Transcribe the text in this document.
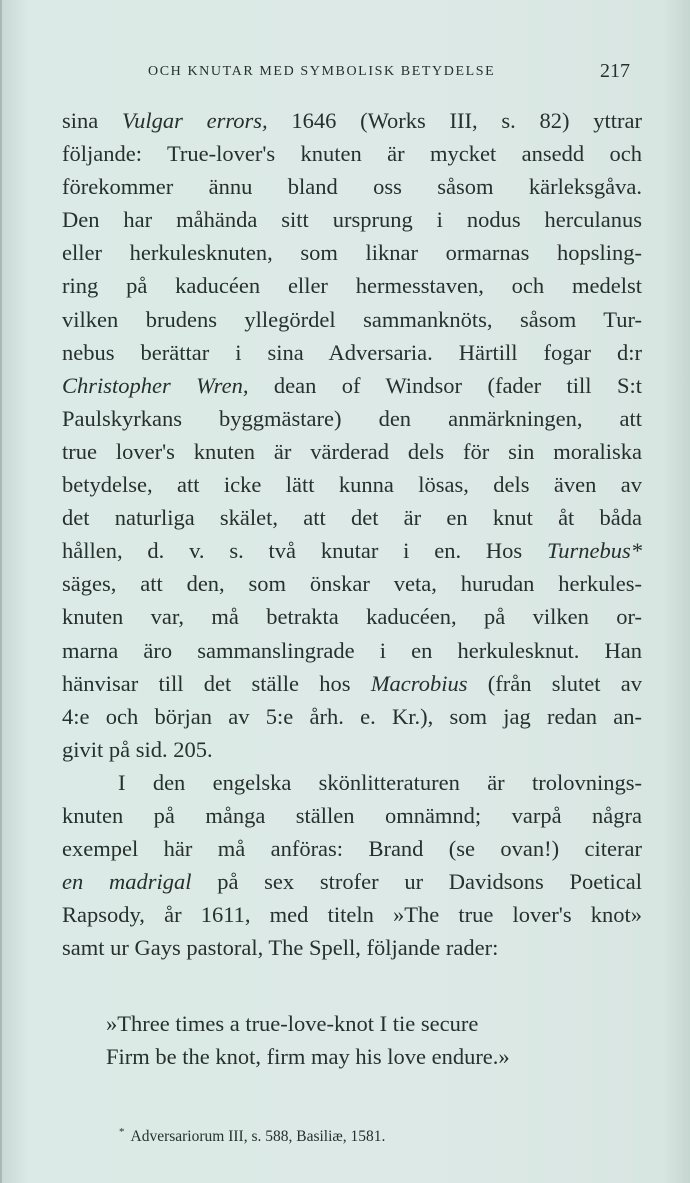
OCH KNUTAR MED SYMBOLISK BETYDELSE	217
sina Vulgar errors, 1646 (Works III, s. 82) yttrar
följande: True-lover's knuten är mycket ansedd och
förekommer ännu bland oss såsom kärleksgåva.
Den har måhända sitt ursprung i nodus herculanus
eller herkulesknuten, som liknar ormarnas hopsling-
ring på kaducéen eller hermesstaven, och medelst
vilken brudens yllegördel sammanknöts, såsom Tur-
nebus berättar i sina Adversaria. Härtill fogar d:r
Christopher Wren, dean of Windsor (fader till S:t
Paulskyrkans byggmästare) den anmärkningen, att
true lover's knuten är värderad dels för sin moraliska
betydelse, att icke lätt kunna lösas, dels även av
det naturliga skälet, att det är en knut åt båda
hållen, d. v. s. två knutar i en. Hos Turnebus*
säges, att den, som önskar veta, hurudan herkules-
knuten var, må betrakta kaducéen, på vilken or-
marna äro sammanslingrade i en herkulesknut. Han
hänvisar till det ställe hos Macrobius (från slutet av
4:e och början av 5:e årh. e. Kr.), som jag redan an-
givit på sid. 205.
I den engelska skönlitteraturen är trolovnings-
knuten på många ställen omnämnd; varpå några
exempel här må anföras: Brand (se ovan!) citerar
en madrigal på sex strofer ur Davidsons Poetical
Rapsody, år 1611, med titeln »The true lover's knot»
samt ur Gays pastoral, The Spell, följande rader:
»Three times a true-love-knot I tie secure
Firm be the knot, firm may his love endure.»
* Adversariorum III, s. 588, Basiliæ, 1581.
